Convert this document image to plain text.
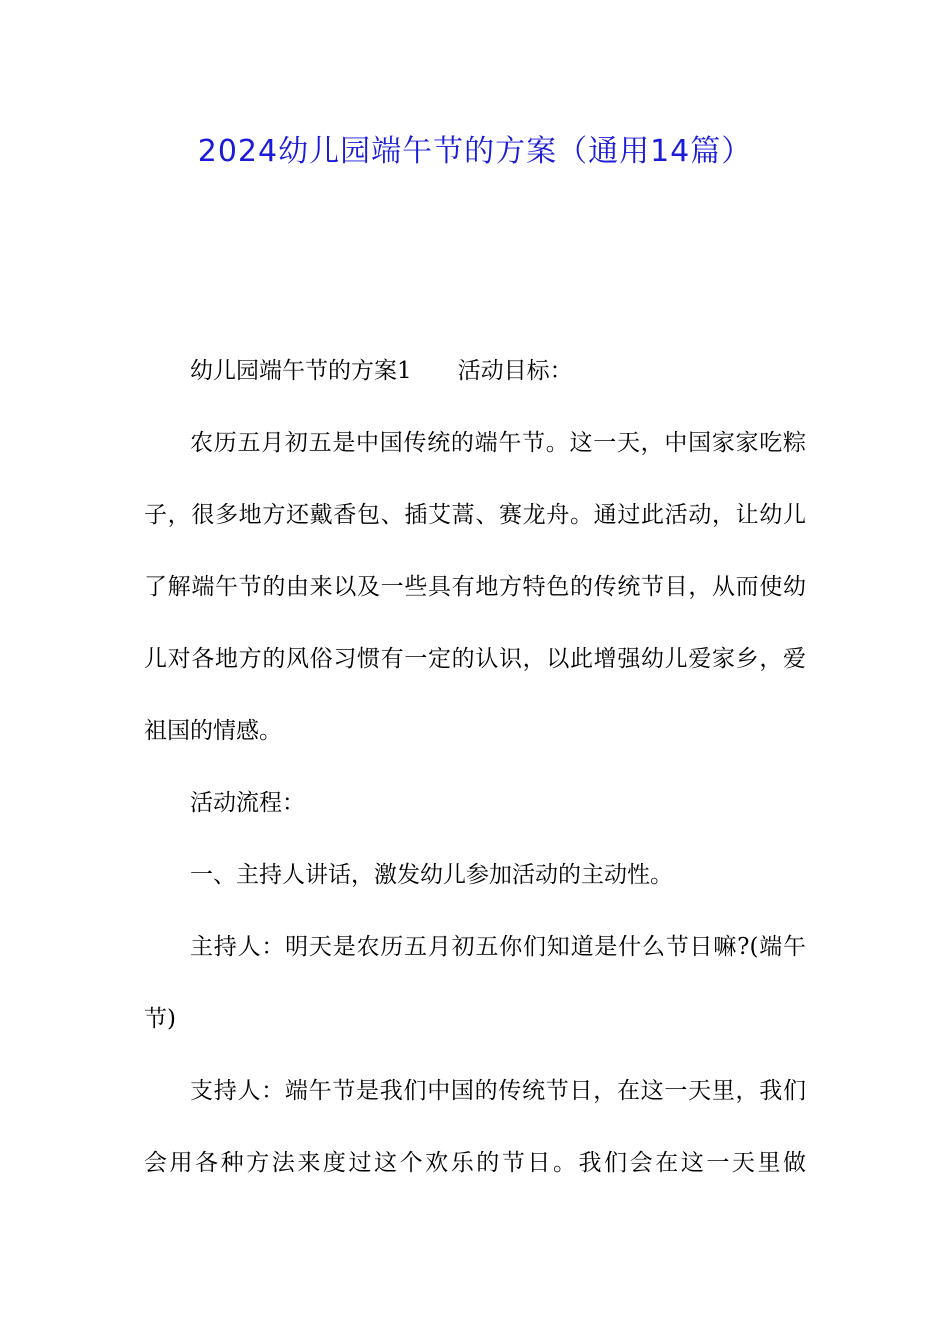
2024幼儿园端午节的方案（通用14篇）

幼儿园端午节的方案1 活动目标：

农历五月初五是中国传统的端午节。这一天，中国家家吃粽子，很多地方还戴香包、插艾蒿、赛龙舟。通过此活动，让幼儿了解端午节的由来以及一些具有地方特色的传统节目，从而使幼儿对各地方的风俗习惯有一定的认识，以此增强幼儿爱家乡，爱祖国的情感。

活动流程：

一、主持人讲话，激发幼儿参加活动的主动性。

主持人：明天是农历五月初五你们知道是什么节日嘛?(端午节)

支持人：端午节是我们中国的传统节日，在这一天里，我们会用各种方法来度过这个欢乐的节日。我们会在这一天里做
